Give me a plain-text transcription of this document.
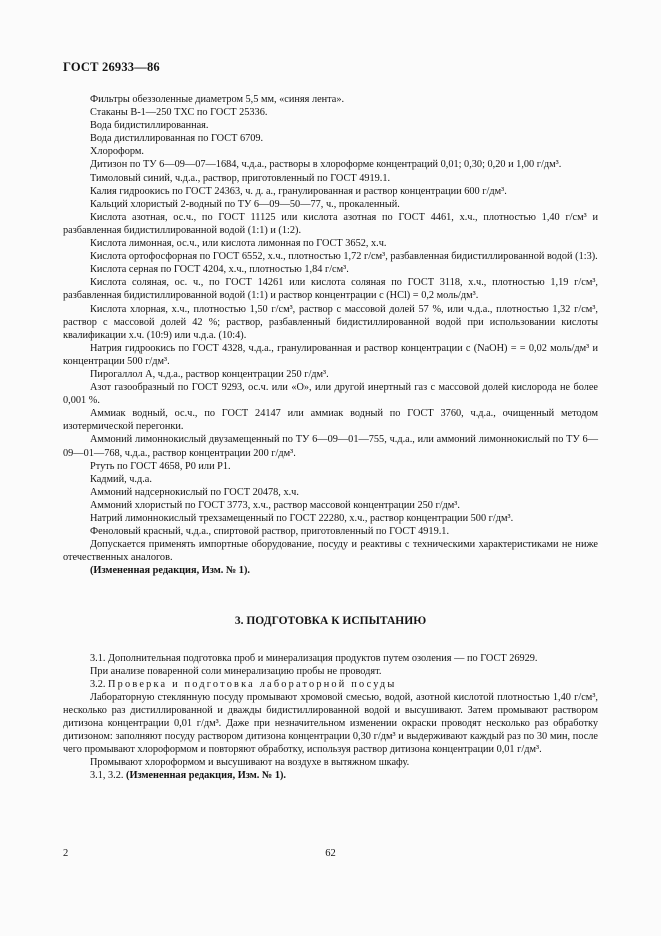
ГОСТ 26933—86

Фильтры обеззоленные диаметром 5,5 мм, «синяя лента».

Стаканы В-1—250 ТХС по ГОСТ 25336.

Вода бидистиллированная.

Вода дистиллированная по ГОСТ 6709.

Хлороформ.

Дитизон по ТУ 6—09—07—1684, ч.д.а., растворы в хлороформе концентраций 0,01; 0,30; 0,20 и 1,00 г/дм³.

Тимоловый синий, ч.д.а., раствор, приготовленный по ГОСТ 4919.1.

Калия гидроокись по ГОСТ 24363, ч. д. а., гранулированная и раствор концентрации 600 г/дм³.

Кальций хлористый 2-водный по ТУ 6—09—50—77, ч., прокаленный.

Кислота азотная, ос.ч., по ГОСТ 11125 или кислота азотная по ГОСТ 4461, х.ч., плотностью 1,40 г/см³ и разбавленная бидистиллированной водой (1:1) и (1:2).

Кислота лимонная, ос.ч., или кислота лимонная по ГОСТ 3652, х.ч.

Кислота ортофосфорная по ГОСТ 6552, х.ч., плотностью 1,72 г/см³, разбавленная бидистиллированной водой (1:3).

Кислота серная по ГОСТ 4204, х.ч., плотностью 1,84 г/см³.

Кислота соляная, ос. ч., по ГОСТ 14261 или кислота соляная по ГОСТ 3118, х.ч., плотностью 1,19 г/см³, разбавленная бидистиллированной водой (1:1) и раствор концентрации с (HCl) = 0,2 моль/дм³.

Кислота хлорная, х.ч., плотностью 1,50 г/см³, раствор с массовой долей 57 %, или ч.д.а., плотностью 1,32 г/см³, раствор с массовой долей 42 %; раствор, разбавленный бидистиллированной водой при использовании кислоты квалификации х.ч. (10:9) или ч.д.а. (10:4).

Натрия гидроокись по ГОСТ 4328, ч.д.а., гранулированная и раствор концентрации с (NaOH) = = 0,02 моль/дм³ и концентрации 500 г/дм³.

Пирогаллол А, ч.д.а., раствор концентрации 250 г/дм³.

Азот газообразный по ГОСТ 9293, ос.ч. или «О», или другой инертный газ с массовой долей кислорода не более 0,001 %.

Аммиак водный, ос.ч., по ГОСТ 24147 или аммиак водный по ГОСТ 3760, ч.д.а., очищенный методом изотермической перегонки.

Аммоний лимоннокислый двузамещенный по ТУ 6—09—01—755, ч.д.а., или аммоний лимоннокислый по ТУ 6—09—01—768, ч.д.а., раствор концентрации 200 г/дм³.

Ртуть по ГОСТ 4658, Р0 или Р1.

Кадмий, ч.д.а.

Аммоний надсернокислый по ГОСТ 20478, х.ч.

Аммоний хлористый по ГОСТ 3773, х.ч., раствор массовой концентрации 250 г/дм³.

Натрий лимоннокислый трехзамещенный по ГОСТ 22280, х.ч., раствор концентрации 500 г/дм³.

Феноловый красный, ч.д.а., спиртовой раствор, приготовленный по ГОСТ 4919.1.

Допускается применять импортные оборудование, посуду и реактивы с техническими характеристиками не ниже отечественных аналогов.

(Измененная редакция, Изм. № 1).

3. ПОДГОТОВКА К ИСПЫТАНИЮ

3.1. Дополнительная подготовка проб и минерализация продуктов путем озоления — по ГОСТ 26929.

При анализе поваренной соли минерализацию пробы не проводят.

3.2. Проверка и подготовка лабораторной посуды

Лабораторную стеклянную посуду промывают хромовой смесью, водой, азотной кислотой плотностью 1,40 г/см³, несколько раз дистиллированной и дважды бидистиллированной водой и высушивают. Затем промывают раствором дитизона концентрации 0,01 г/дм³. Даже при незначительном изменении окраски проводят несколько раз обработку дитизоном: заполняют посуду раствором дитизона концентрации 0,30 г/дм³ и выдерживают каждый раз по 30 мин, после чего промывают хлороформом и повторяют обработку, используя раствор дитизона концентрации 0,01 г/дм³.

Промывают хлороформом и высушивают на воздухе в вытяжном шкафу.

3.1, 3.2. (Измененная редакция, Изм. № 1).

2	62
